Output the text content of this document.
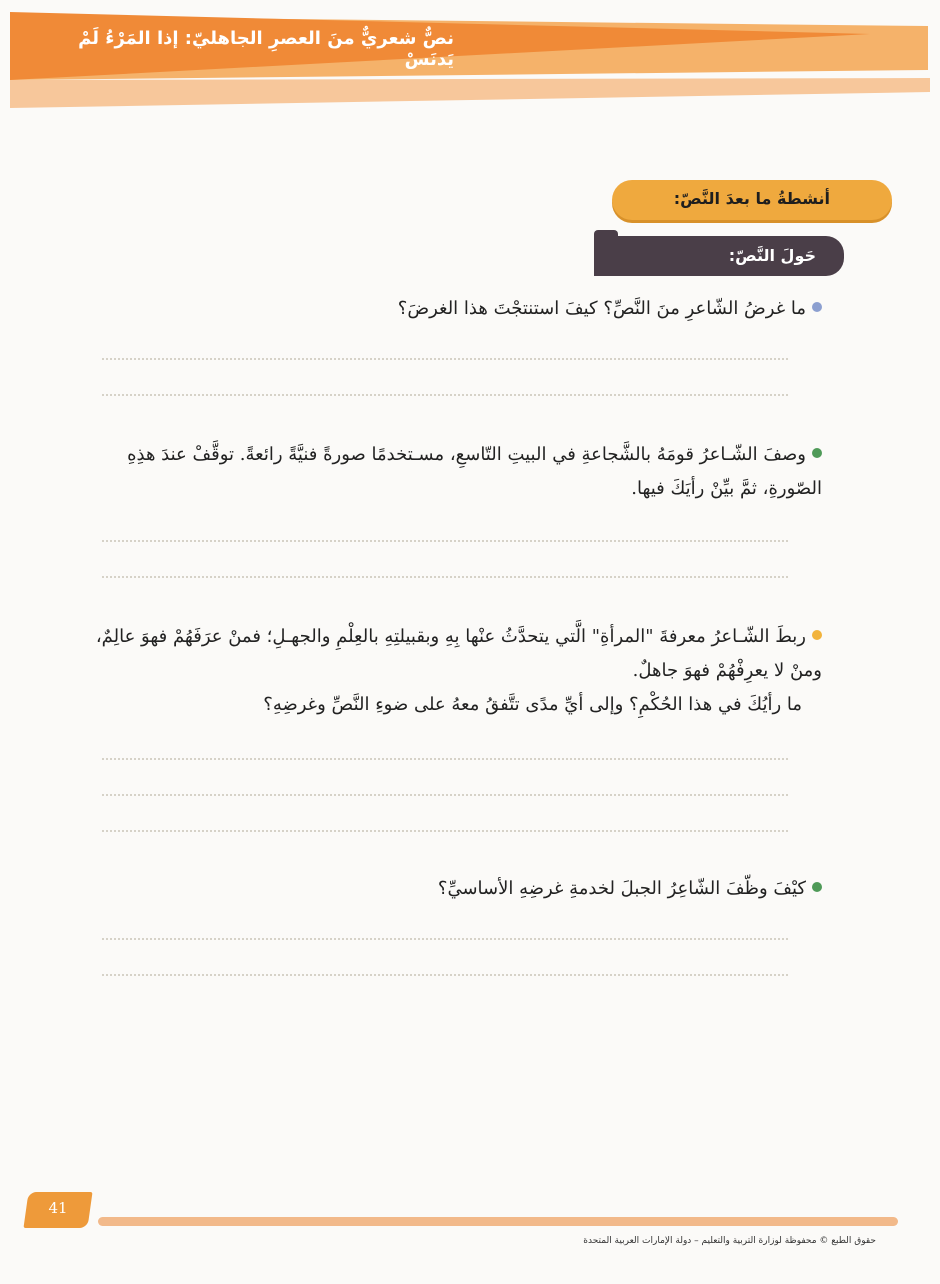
نصٌّ شعريٌّ منَ العصرِ الجاهليّ: إذا المَرْءُ لَمْ يَدنَسْ
أنشطةُ ما بعدَ النَّصّ:
حَولَ النَّصّ:
ما غرضُ الشّاعرِ منَ النَّصِّ؟ كيفَ استنتجْتَ هذا الغرضَ؟
وصفَ الشّـاعرُ قومَهُ بالشَّجاعةِ في البيتِ التّاسعِ، مسـتخدمًا صورةً فنيَّةً رائعةً. توقَّفْ عندَ هذِهِ الصّورةِ، ثمَّ بيِّنْ رأيَكَ فيها.
ربطَ الشّـاعرُ معرفةَ "المرأةِ" الَّتي يتحدَّثُ عنْها بِهِ وبقبيلتِهِ بالعِلْمِ والجهـلِ؛ فمنْ عرَفَهُمْ فهوَ عالِمٌ، ومنْ لا يعرِفْهُمْ فهوَ جاهلٌ.
ما رأيُكَ في هذا الحُكْمِ؟ وإلى أيِّ مدًى تتَّفقُ معهُ على ضوءِ النَّصِّ وغرضِهِ؟
كيْفَ وظّفَ الشّاعِرُ الجبلَ لخدمةِ غرضِهِ الأساسيِّ؟
41
حقوق الطبع © محفوظة لوزارة التربية والتعليم – دولة الإمارات العربية المتحدة
